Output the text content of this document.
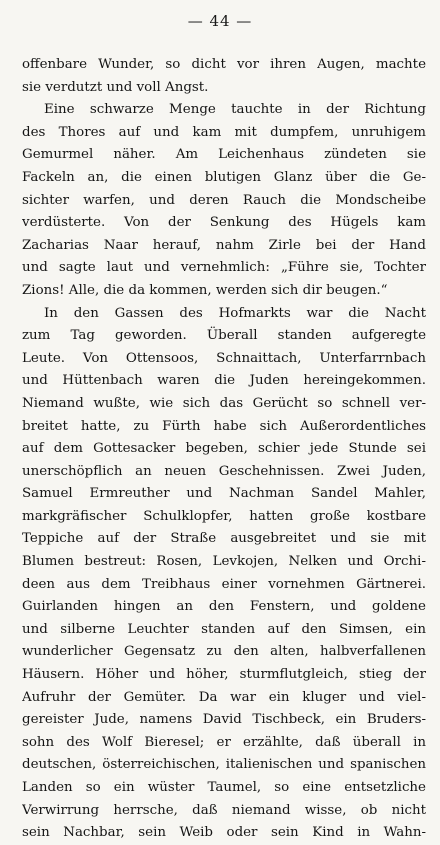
— 44 —
offenbare Wunder, so dicht vor ihren Augen, machte
sie verdutzt und voll Angst.
Eine schwarze Menge tauchte in der Richtung
des Thores auf und kam mit dumpfem, unruhigem
Gemurmel näher. Am Leichenhaus zündeten sie
Fackeln an, die einen blutigen Glanz über die Ge-
sichter warfen, und deren Rauch die Mondscheibe
verdüsterte. Von der Senkung des Hügels kam
Zacharias Naar herauf, nahm Zirle bei der Hand
und sagte laut und vernehmlich: „Führe sie, Tochter
Zions! Alle, die da kommen, werden sich dir beugen.“
In den Gassen des Hofmarkts war die Nacht
zum Tag geworden. Überall standen aufgeregte
Leute. Von Ottensoos, Schnaittach, Unterfarrnbach
und Hüttenbach waren die Juden hereingekommen.
Niemand wußte, wie sich das Gerücht so schnell ver-
breitet hatte, zu Fürth habe sich Außerordentliches
auf dem Gottesacker begeben, schier jede Stunde sei
unerschöpflich an neuen Geschehnissen. Zwei Juden,
Samuel Ermreuther und Nachman Sandel Mahler,
markgräfischer Schulklopfer, hatten große kostbare
Teppiche auf der Straße ausgebreitet und sie mit
Blumen bestreut: Rosen, Levkojen, Nelken und Orchi-
deen aus dem Treibhaus einer vornehmen Gärtnerei.
Guirlanden hingen an den Fenstern, und goldene
und silberne Leuchter standen auf den Simsen, ein
wunderlicher Gegensatz zu den alten, halbverfallenen
Häusern. Höher und höher, sturmflutgleich, stieg der
Aufruhr der Gemüter. Da war ein kluger und viel-
gereister Jude, namens David Tischbeck, ein Bruders-
sohn des Wolf Bieresel; er erzählte, daß überall in
deutschen, österreichischen, italienischen und spanischen
Landen so ein wüster Taumel, so eine entsetzliche
Verwirrung herrsche, daß niemand wisse, ob nicht
sein Nachbar, sein Weib oder sein Kind in Wahn-
